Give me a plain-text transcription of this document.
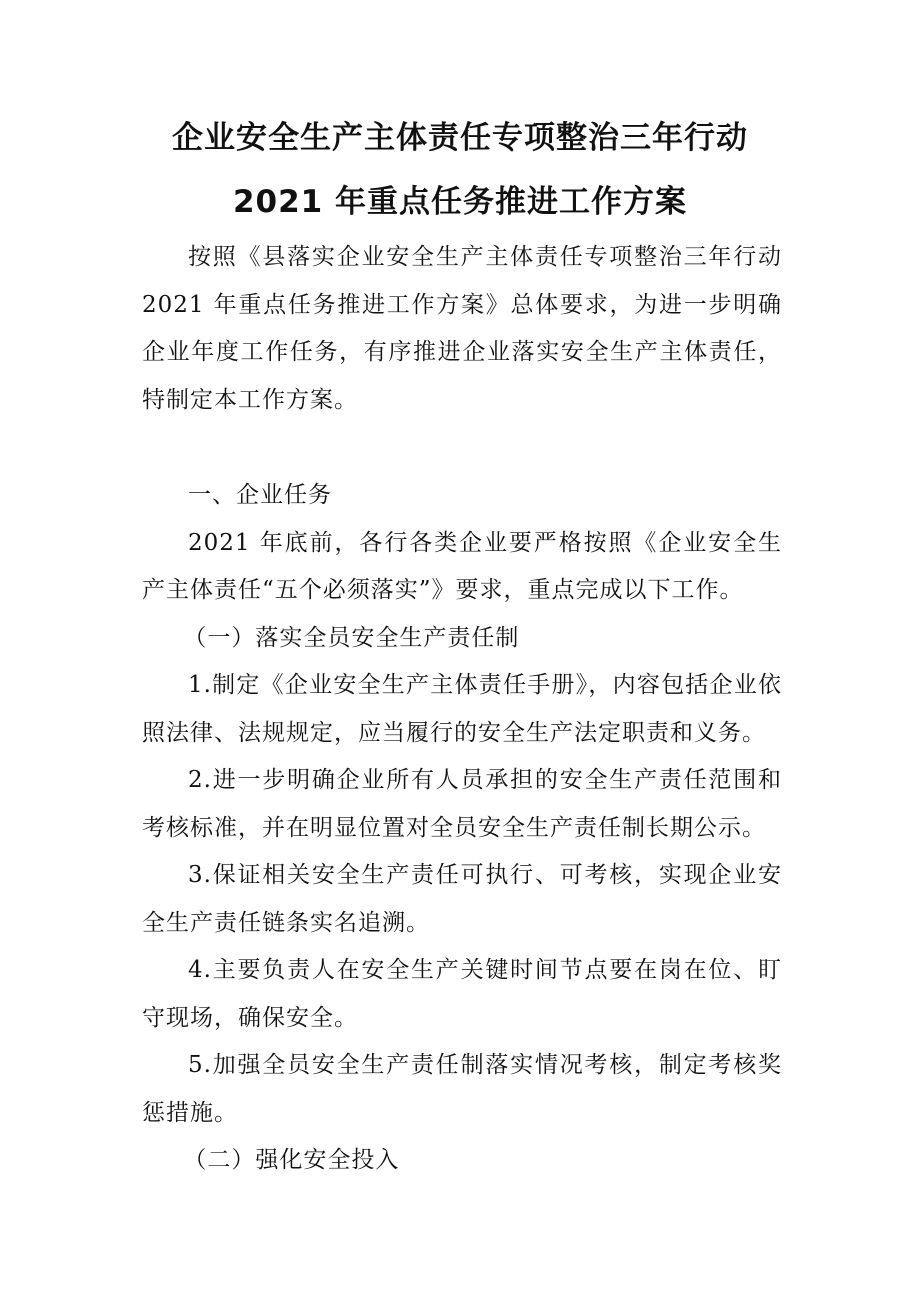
企业安全生产主体责任专项整治三年行动
2021 年重点任务推进工作方案

按照《县落实企业安全生产主体责任专项整治三年行动 2021 年重点任务推进工作方案》总体要求，为进一步明确企业年度工作任务，有序推进企业落实安全生产主体责任，特制定本工作方案。

一、企业任务

2021 年底前，各行各类企业要严格按照《企业安全生产主体责任“五个必须落实”》要求，重点完成以下工作。

（一）落实全员安全生产责任制

1.制定《企业安全生产主体责任手册》，内容包括企业依照法律、法规规定，应当履行的安全生产法定职责和义务。

2.进一步明确企业所有人员承担的安全生产责任范围和考核标准，并在明显位置对全员安全生产责任制长期公示。

3.保证相关安全生产责任可执行、可考核，实现企业安全生产责任链条实名追溯。

4.主要负责人在安全生产关键时间节点要在岗在位、盯守现场，确保安全。

5.加强全员安全生产责任制落实情况考核，制定考核奖惩措施。

（二）强化安全投入
